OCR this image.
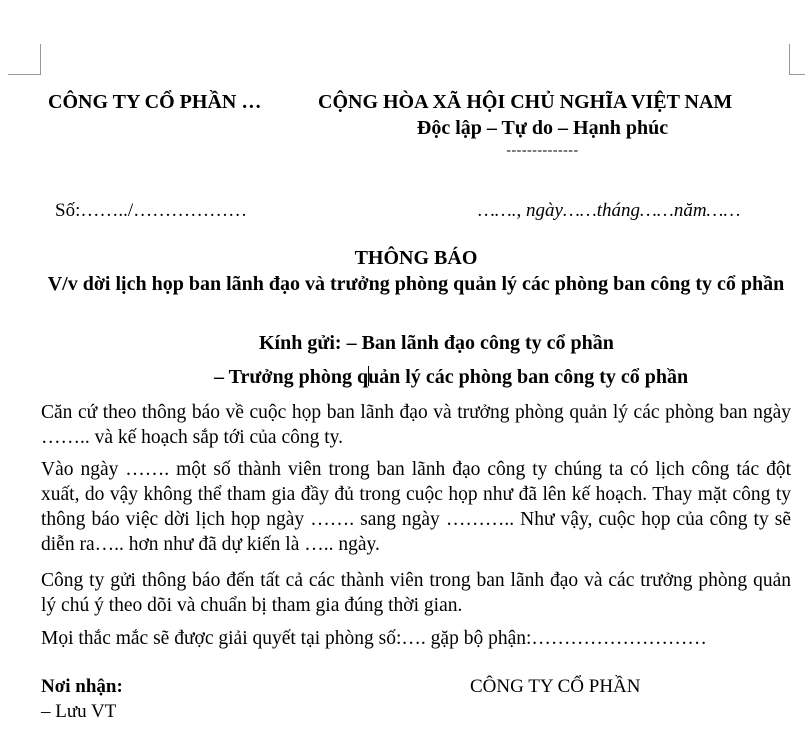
CÔNG TY CỔ PHẦN …	CỘNG HÒA XÃ HỘI CHỦ NGHĨA VIỆT NAM
Độc lập – Tự do – Hạnh phúc
--------------
Số:……../………………	……., ngày……tháng……năm……
THÔNG BÁO
V/v dời lịch họp ban lãnh đạo và trưởng phòng quản lý các phòng ban công ty cổ phần
Kính gửi: – Ban lãnh đạo công ty cổ phần
– Trưởng phòng quản lý các phòng ban công ty cổ phần

Căn cứ theo thông báo về cuộc họp ban lãnh đạo và trưởng phòng quản lý các phòng ban ngày …….. và kế hoạch sắp tới của công ty.

Vào ngày ……. một số thành viên trong ban lãnh đạo công ty chúng ta có lịch công tác đột xuất, do vậy không thể tham gia đầy đủ trong cuộc họp như đã lên kế hoạch. Thay mặt công ty thông báo việc dời lịch họp ngày ……. sang ngày ……….. Như vậy, cuộc họp của công ty sẽ diễn ra….. hơn như đã dự kiến là ….. ngày.

Công ty gửi thông báo đến tất cả các thành viên trong ban lãnh đạo và các trưởng phòng quản lý chú ý theo dõi và chuẩn bị tham gia đúng thời gian.

Mọi thắc mắc sẽ được giải quyết tại phòng số:…. gặp bộ phận:………………………

Nơi nhận:
– Lưu VT
CÔNG TY CỔ PHẦN
